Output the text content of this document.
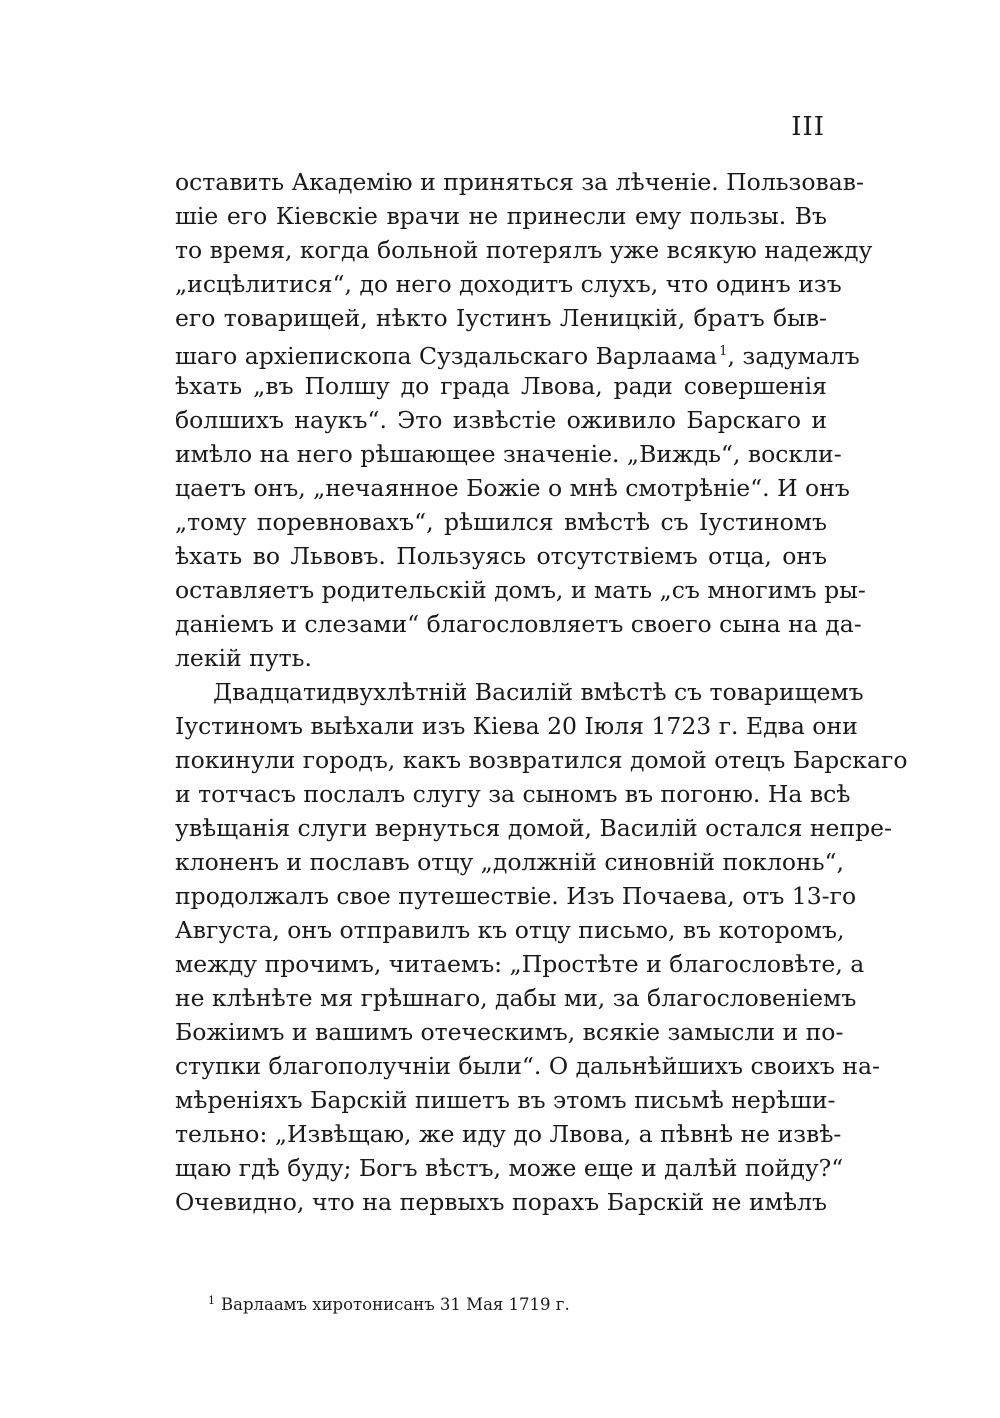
III
оставить Академію и приняться за лѣченіе. Пользовав-
шіе его Кіевскіе врачи не принесли ему пользы. Въ
то время, когда больной потерялъ уже всякую надежду
„исцѣлитися“, до него доходитъ слухъ, что одинъ изъ
его товарищей, нѣкто Іустинъ Леницкій, братъ быв-
шаго архіепископа Суздальскаго Варлаама $^1$, задумалъ
ѣхать „въ Полшу до града Лвова, ради совершенія
болшихъ наукъ“. Это извѣстіе оживило Барскаго и
имѣло на него рѣшающее значеніе. „Виждь“, воскли-
цаетъ онъ, „нечаянное Божіе о мнѣ смотрѣніе“. И онъ
„тому поревновахъ“, рѣшился вмѣстѣ съ Іустиномъ
ѣхать во Львовъ. Пользуясь отсутствіемъ отца, онъ
оставляетъ родительскій домъ, и мать „съ многимъ ры-
даніемъ и слезами“ благословляетъ своего сына на да-
лекій путь.
Двадцатидвухлѣтній Василій вмѣстѣ съ товарищемъ
Іустиномъ выѣхали изъ Кіева 20 Іюля 1723 г. Едва они
покинули городъ, какъ возвратился домой отецъ Барскаго
и тотчасъ послалъ слугу за сыномъ въ погоню. На всѣ
увѣщанія слуги вернуться домой, Василій остался непре-
клоненъ и пославъ отцу „должній синовній поклонь“,
продолжалъ свое путешествіе. Изъ Почаева, отъ 13-го
Августа, онъ отправилъ къ отцу письмо, въ которомъ,
между прочимъ, читаемъ: „Простѣте и благословѣте, а
не клѣнѣте мя грѣшнаго, дабы ми, за благословеніемъ
Божіимъ и вашимъ отеческимъ, всякіе замысли и по-
ступки благополучніи были“. О дальнѣйшихъ своихъ на-
мѣреніяхъ Барскій пишетъ въ этомъ письмѣ нерѣши-
тельно: „Извѣщаю, же иду до Лвова, а пѣвнѣ не извѣ-
щаю гдѣ буду; Богъ вѣстъ, може еще и далѣй пойду?“
Очевидно, что на первыхъ порахъ Барскій не имѣлъ
$^1$ Варлаамъ хиротонисанъ 31 Мая 1719 г.
